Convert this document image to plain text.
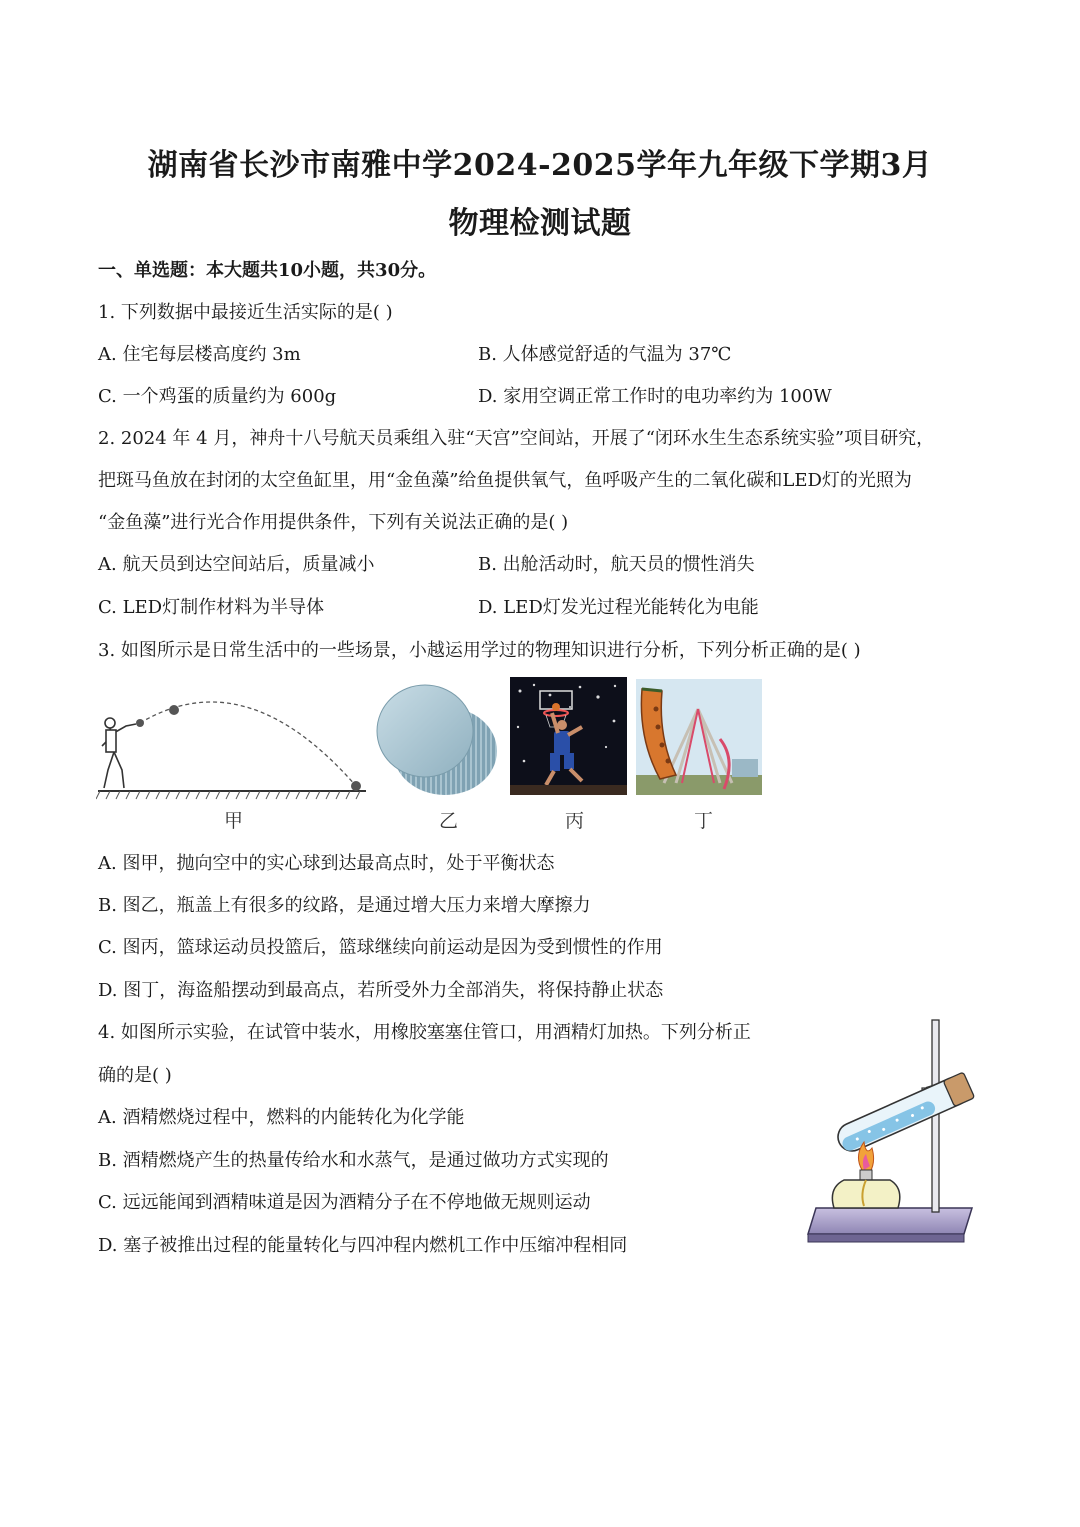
湖南省长沙市南雅中学2024-2025学年九年级下学期3月
物理检测试题
一、单选题：本大题共10小题，共30分。
1. 下列数据中最接近生活实际的是( )
A. 住宅每层楼高度约 3m	B. 人体感觉舒适的气温为 37℃
C. 一个鸡蛋的质量约为 600g	D. 家用空调正常工作时的电功率约为 100W
2. 2024 年 4 月，神舟十八号航天员乘组入驻“天宫”空间站，开展了“闭环水生生态系统实验”项目研究，
把斑马鱼放在封闭的太空鱼缸里，用“金鱼藻”给鱼提供氧气，鱼呼吸产生的二氧化碳和LED灯的光照为
“金鱼藻”进行光合作用提供条件，下列有关说法正确的是( )
A. 航天员到达空间站后，质量减小	B. 出舱活动时，航天员的惯性消失
C. LED灯制作材料为半导体	D. LED灯发光过程光能转化为电能
3. 如图所示是日常生活中的一些场景，小越运用学过的物理知识进行分析，下列分析正确的是( )
甲	乙	丙	丁
A. 图甲，抛向空中的实心球到达最高点时，处于平衡状态
B. 图乙，瓶盖上有很多的纹路，是通过增大压力来增大摩擦力
C. 图丙，篮球运动员投篮后，篮球继续向前运动是因为受到惯性的作用
D. 图丁，海盗船摆动到最高点，若所受外力全部消失，将保持静止状态
4. 如图所示实验，在试管中装水，用橡胶塞塞住管口，用酒精灯加热。下列分析正
确的是( )
A. 酒精燃烧过程中，燃料的内能转化为化学能
B. 酒精燃烧产生的热量传给水和水蒸气，是通过做功方式实现的
C. 远远能闻到酒精味道是因为酒精分子在不停地做无规则运动
D. 塞子被推出过程的能量转化与四冲程内燃机工作中压缩冲程相同
